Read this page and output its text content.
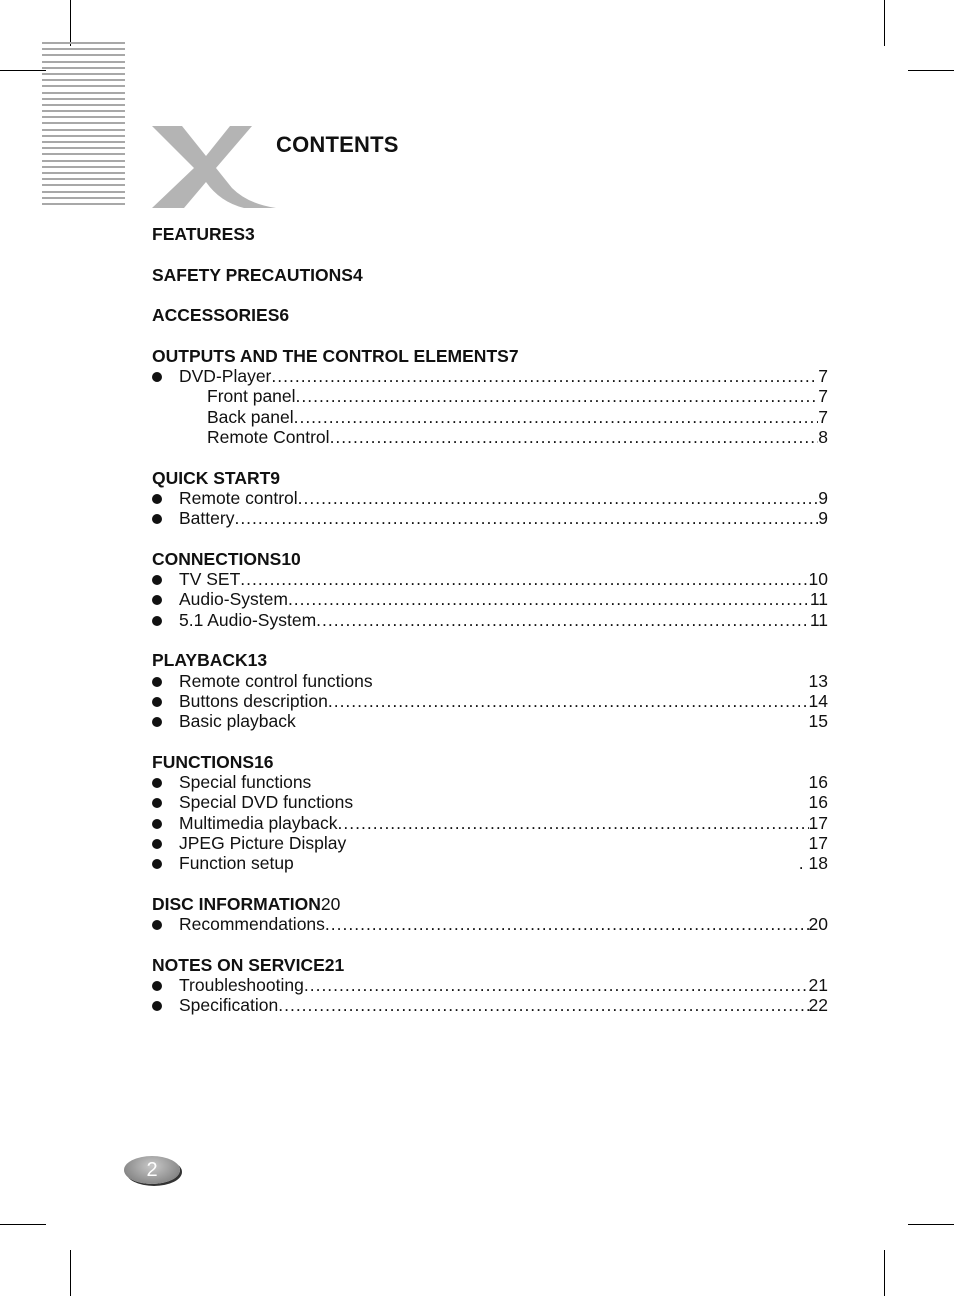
CONTENTS
FEATURES 3
SAFETY PRECAUTIONS 4
ACCESSORIES 6
OUTPUTS AND THE CONTROL ELEMENTS 7
DVD-Player .....	7
Front panel .....	7
Back panel .....	7
Remote Control .....	8
QUICK START 9
Remote control .....	9
Battery .....	9
CONNECTIONS 10
TV SET .....	10
Audio-System .....	11
5.1 Audio-System .....	11
PLAYBACK 13
Remote control functions	13
Buttons description .....	14
Basic playback	15
FUNCTIONS 16
Special functions	16
Special DVD functions	16
Multimedia playback .....	17
JPEG Picture Display	17
Function setup	. 18
DISC INFORMATION 20
Recommendations .....	20
NOTES ON SERVICE 21
Troubleshooting .....	21
Specification .....	22
2
